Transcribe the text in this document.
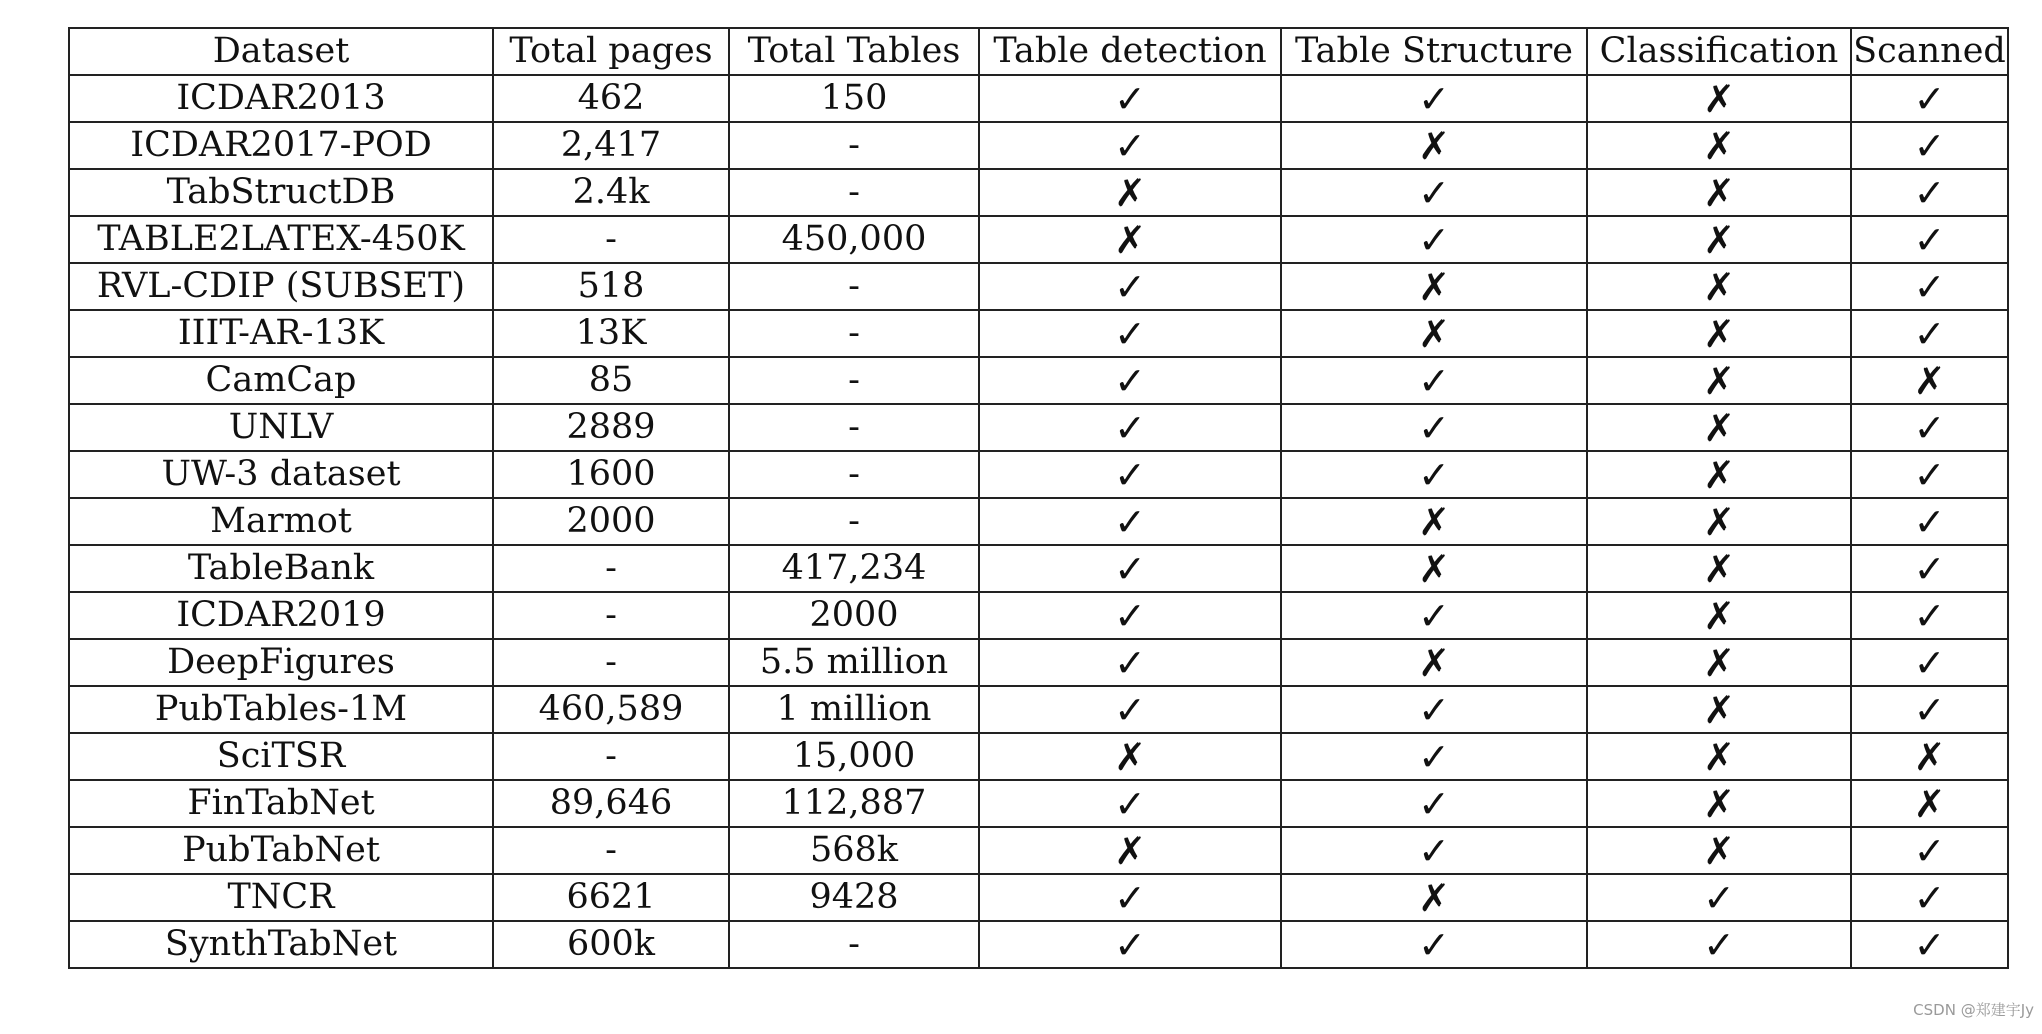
Dataset	Total pages	Total Tables	Table detection	Table Structure	Classification	Scanned
ICDAR2013	462	150	✓	✓	✗	✓
ICDAR2017-POD	2,417	-	✓	✗	✗	✓
TabStructDB	2.4k	-	✗	✓	✗	✓
TABLE2LATEX-450K	-	450,000	✗	✓	✗	✓
RVL-CDIP (SUBSET)	518	-	✓	✗	✗	✓
IIIT-AR-13K	13K	-	✓	✗	✗	✓
CamCap	85	-	✓	✓	✗	✗
UNLV	2889	-	✓	✓	✗	✓
UW-3 dataset	1600	-	✓	✓	✗	✓
Marmot	2000	-	✓	✗	✗	✓
TableBank	-	417,234	✓	✗	✗	✓
ICDAR2019	-	2000	✓	✓	✗	✓
DeepFigures	-	5.5 million	✓	✗	✗	✓
PubTables-1M	460,589	1 million	✓	✓	✗	✓
SciTSR	-	15,000	✗	✓	✗	✗
FinTabNet	89,646	112,887	✓	✓	✗	✗
PubTabNet	-	568k	✗	✓	✗	✓
TNCR	6621	9428	✓	✗	✓	✓
SynthTabNet	600k	-	✓	✓	✓	✓
CSDN @郑建宇Jy
